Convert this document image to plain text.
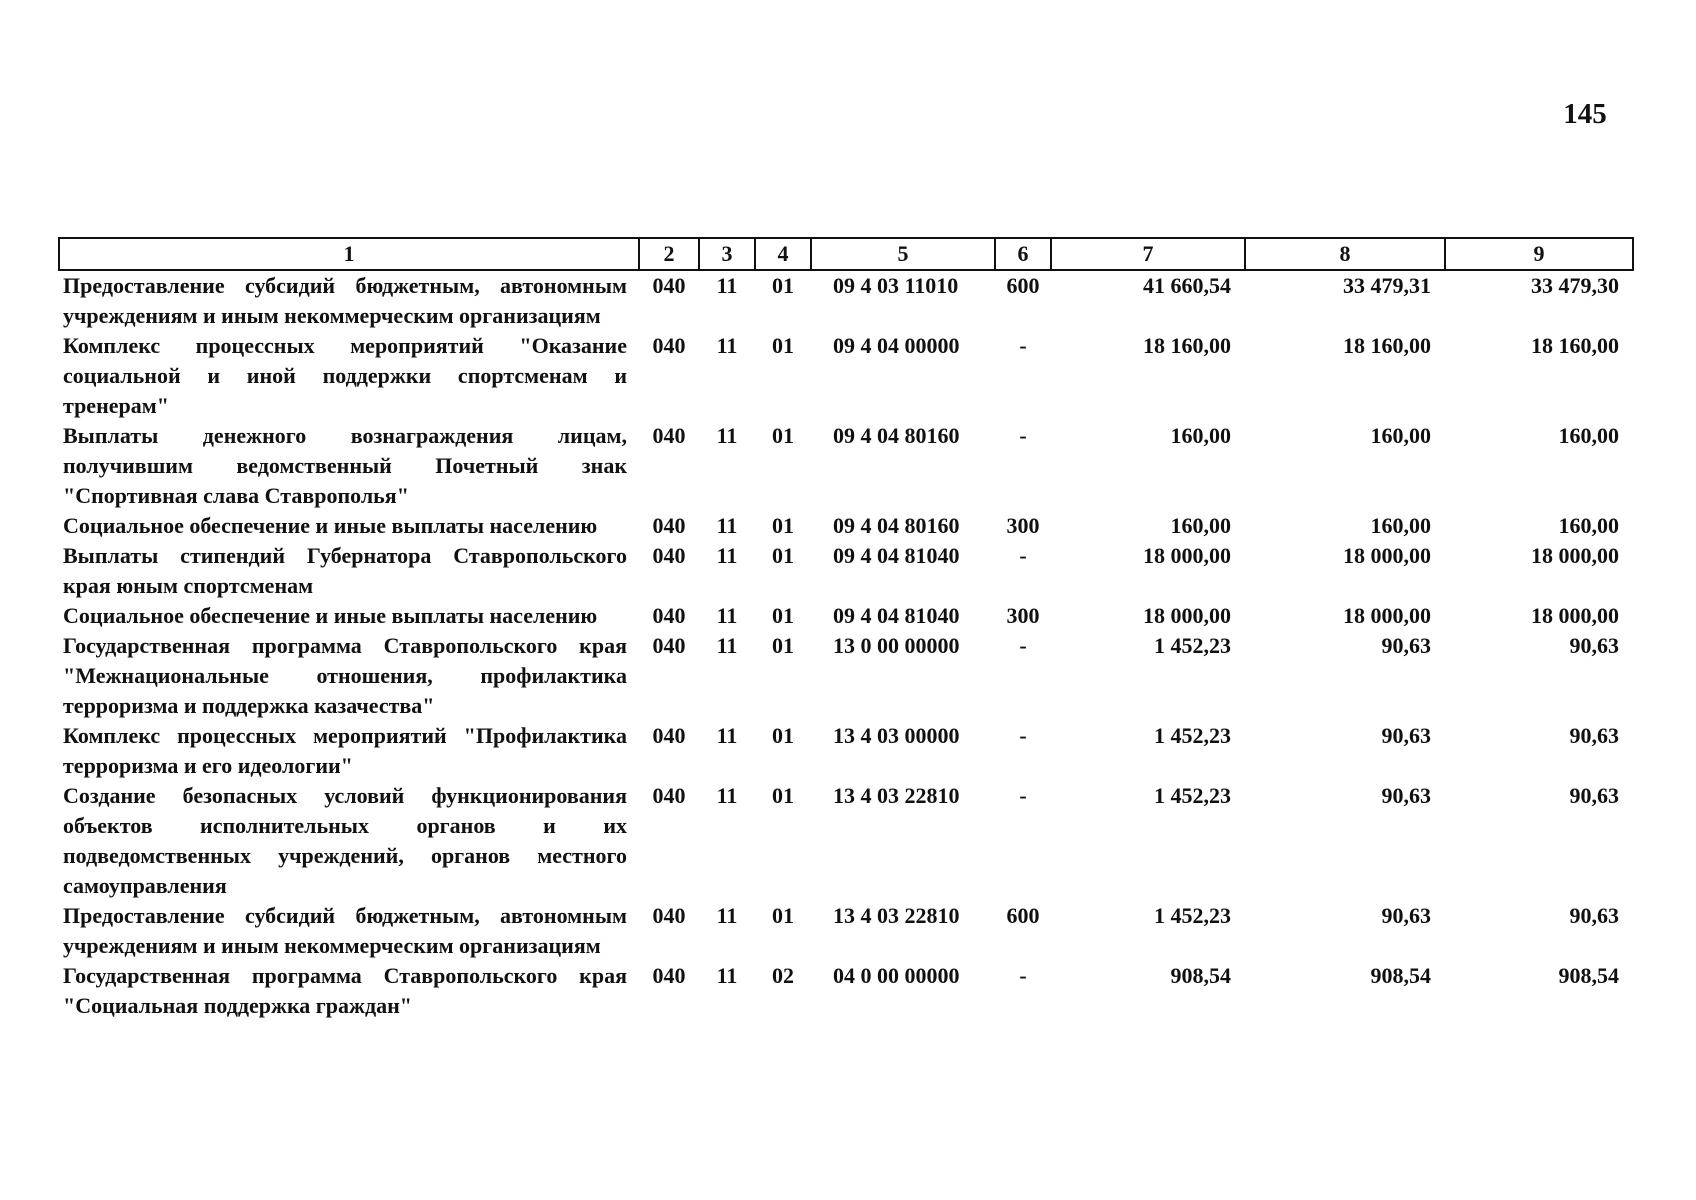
145
1	2	3	4	5	6	7	8	9
Предоставление субсидий бюджетным, автономным учреждениям и иным некоммерческим организациям	040	11	01	09 4 03 11010	600	41 660,54	33 479,31	33 479,30
Комплекс процессных мероприятий "Оказание социальной и иной поддержки спортсменам и тренерам"	040	11	01	09 4 04 00000	-	18 160,00	18 160,00	18 160,00
Выплаты денежного вознаграждения лицам, получившим ведомственный Почетный знак "Спортивная слава Ставрополья"	040	11	01	09 4 04 80160	-	160,00	160,00	160,00
Социальное обеспечение и иные выплаты населению	040	11	01	09 4 04 80160	300	160,00	160,00	160,00
Выплаты стипендий Губернатора Ставропольского края юным спортсменам	040	11	01	09 4 04 81040	-	18 000,00	18 000,00	18 000,00
Социальное обеспечение и иные выплаты населению	040	11	01	09 4 04 81040	300	18 000,00	18 000,00	18 000,00
Государственная программа Ставропольского края "Межнациональные отношения, профилактика терроризма и поддержка казачества"	040	11	01	13 0 00 00000	-	1 452,23	90,63	90,63
Комплекс процессных мероприятий "Профилактика терроризма и его идеологии"	040	11	01	13 4 03 00000	-	1 452,23	90,63	90,63
Создание безопасных условий функционирования объектов исполнительных органов и их подведомственных учреждений, органов местного самоуправления	040	11	01	13 4 03 22810	-	1 452,23	90,63	90,63
Предоставление субсидий бюджетным, автономным учреждениям и иным некоммерческим организациям	040	11	01	13 4 03 22810	600	1 452,23	90,63	90,63
Государственная программа Ставропольского края "Социальная поддержка граждан"	040	11	02	04 0 00 00000	-	908,54	908,54	908,54
